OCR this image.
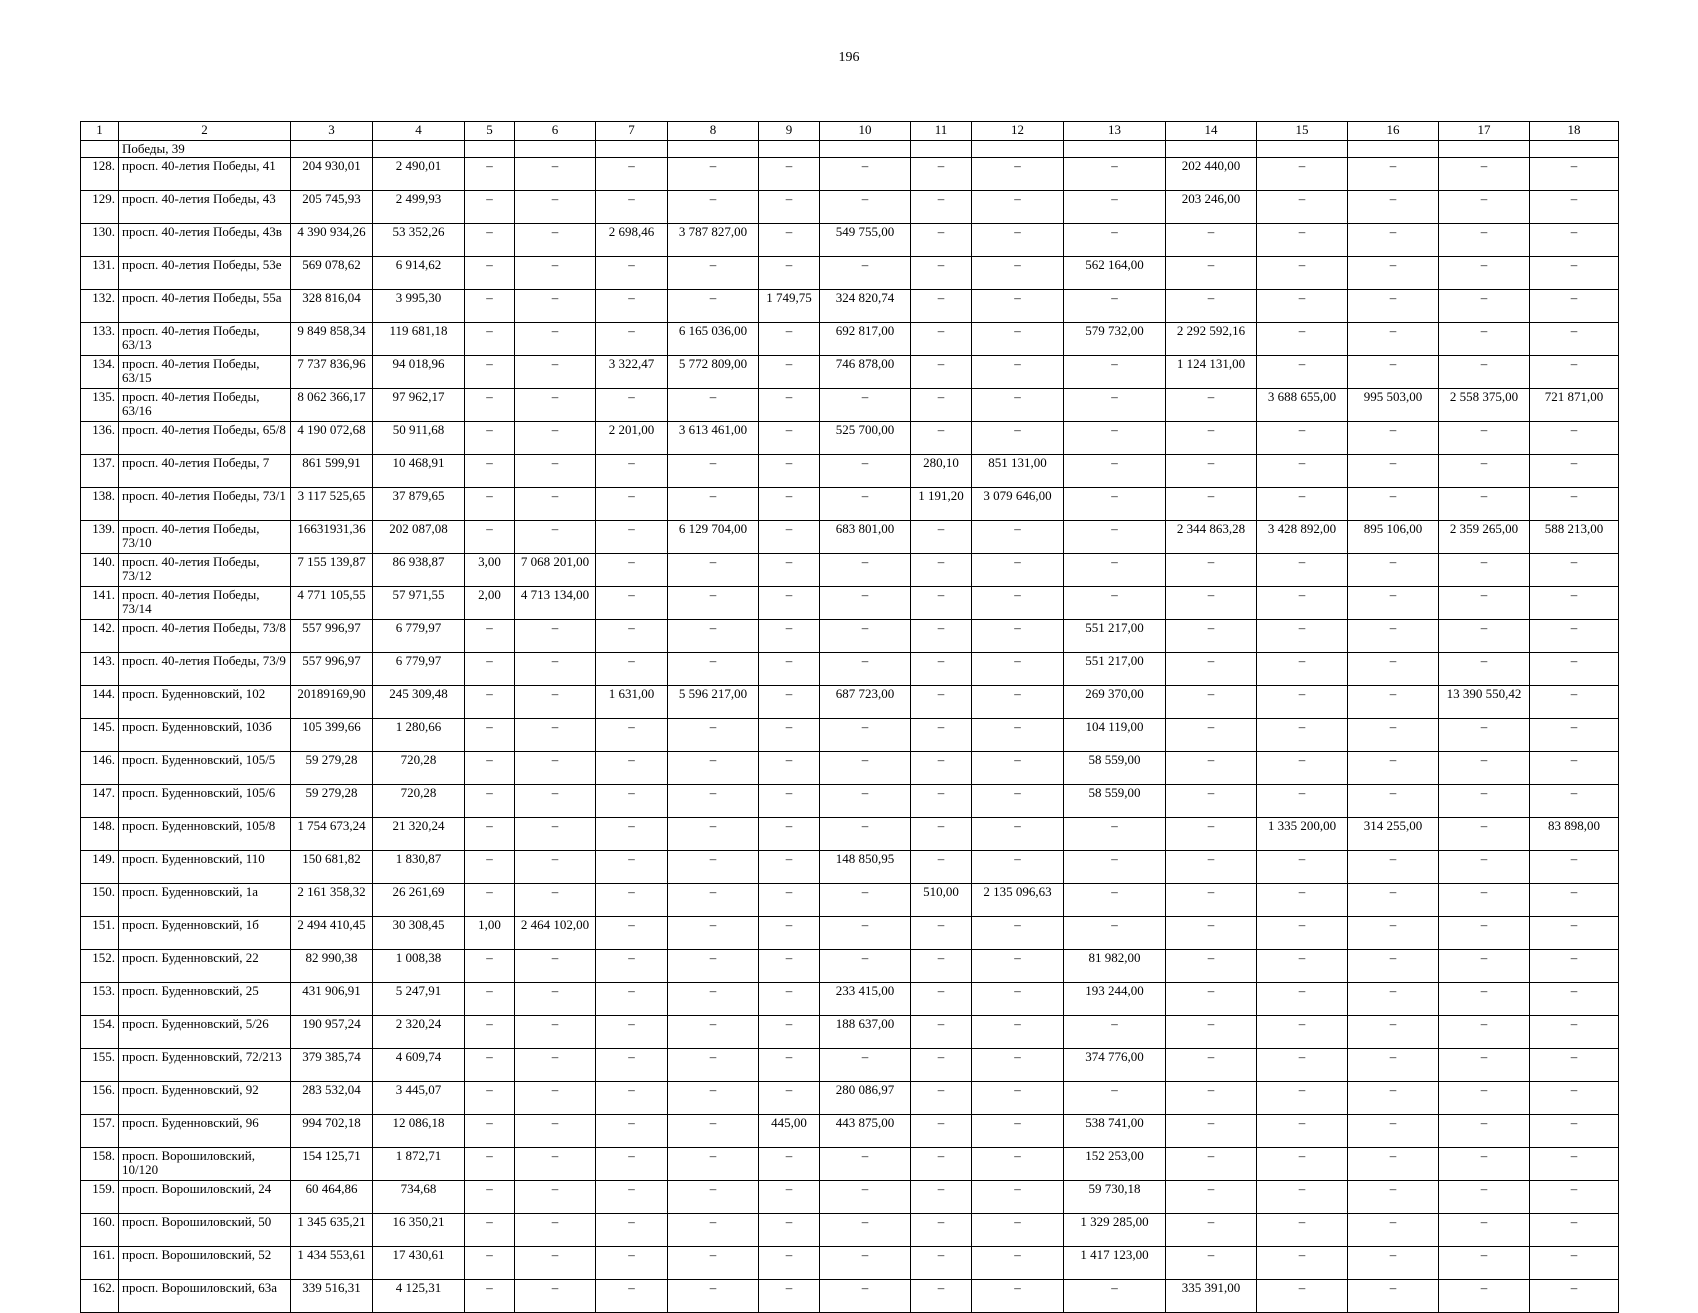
196
1	2	3	4	5	6	7	8	9	10	11	12	13	14	15	16	17	18
	Победы, 39																
128.	просп. 40-летия Победы, 41	204 930,01	2 490,01	–	–	–	–	–	–	–	–	–	202 440,00	–	–	–	–
129.	просп. 40-летия Победы, 43	205 745,93	2 499,93	–	–	–	–	–	–	–	–	–	203 246,00	–	–	–	–
130.	просп. 40-летия Победы, 43в	4 390 934,26	53 352,26	–	–	2 698,46	3 787 827,00	–	549 755,00	–	–	–	–	–	–	–	–
131.	просп. 40-летия Победы, 53е	569 078,62	6 914,62	–	–	–	–	–	–	–	–	562 164,00	–	–	–	–	–
132.	просп. 40-летия Победы, 55а	328 816,04	3 995,30	–	–	–	–	1 749,75	324 820,74	–	–	–	–	–	–	–	–
133.	просп. 40-летия Победы, 63/13	9 849 858,34	119 681,18	–	–	–	6 165 036,00	–	692 817,00	–	–	579 732,00	2 292 592,16	–	–	–	–
134.	просп. 40-летия Победы, 63/15	7 737 836,96	94 018,96	–	–	3 322,47	5 772 809,00	–	746 878,00	–	–	–	1 124 131,00	–	–	–	–
135.	просп. 40-летия Победы, 63/16	8 062 366,17	97 962,17	–	–	–	–	–	–	–	–	–	–	3 688 655,00	995 503,00	2 558 375,00	721 871,00
136.	просп. 40-летия Победы, 65/8	4 190 072,68	50 911,68	–	–	2 201,00	3 613 461,00	–	525 700,00	–	–	–	–	–	–	–	–
137.	просп. 40-летия Победы, 7	861 599,91	10 468,91	–	–	–	–	–	–	280,10	851 131,00	–	–	–	–	–	–
138.	просп. 40-летия Победы, 73/1	3 117 525,65	37 879,65	–	–	–	–	–	–	1 191,20	3 079 646,00	–	–	–	–	–	–
139.	просп. 40-летия Победы, 73/10	16631931,36	202 087,08	–	–	–	6 129 704,00	–	683 801,00	–	–	–	2 344 863,28	3 428 892,00	895 106,00	2 359 265,00	588 213,00
140.	просп. 40-летия Победы, 73/12	7 155 139,87	86 938,87	3,00	7 068 201,00	–	–	–	–	–	–	–	–	–	–	–	–
141.	просп. 40-летия Победы, 73/14	4 771 105,55	57 971,55	2,00	4 713 134,00	–	–	–	–	–	–	–	–	–	–	–	–
142.	просп. 40-летия Победы, 73/8	557 996,97	6 779,97	–	–	–	–	–	–	–	–	551 217,00	–	–	–	–	–
143.	просп. 40-летия Победы, 73/9	557 996,97	6 779,97	–	–	–	–	–	–	–	–	551 217,00	–	–	–	–	–
144.	просп. Буденновский, 102	20189169,90	245 309,48	–	–	1 631,00	5 596 217,00	–	687 723,00	–	–	269 370,00	–	–	–	13 390 550,42	–
145.	просп. Буденновский, 103б	105 399,66	1 280,66	–	–	–	–	–	–	–	–	104 119,00	–	–	–	–	–
146.	просп. Буденновский, 105/5	59 279,28	720,28	–	–	–	–	–	–	–	–	58 559,00	–	–	–	–	–
147.	просп. Буденновский, 105/6	59 279,28	720,28	–	–	–	–	–	–	–	–	58 559,00	–	–	–	–	–
148.	просп. Буденновский, 105/8	1 754 673,24	21 320,24	–	–	–	–	–	–	–	–	–	–	1 335 200,00	314 255,00	–	83 898,00
149.	просп. Буденновский, 110	150 681,82	1 830,87	–	–	–	–	–	148 850,95	–	–	–	–	–	–	–	–
150.	просп. Буденновский, 1а	2 161 358,32	26 261,69	–	–	–	–	–	–	510,00	2 135 096,63	–	–	–	–	–	–
151.	просп. Буденновский, 1б	2 494 410,45	30 308,45	1,00	2 464 102,00	–	–	–	–	–	–	–	–	–	–	–	–
152.	просп. Буденновский, 22	82 990,38	1 008,38	–	–	–	–	–	–	–	–	81 982,00	–	–	–	–	–
153.	просп. Буденновский, 25	431 906,91	5 247,91	–	–	–	–	–	233 415,00	–	–	193 244,00	–	–	–	–	–
154.	просп. Буденновский, 5/26	190 957,24	2 320,24	–	–	–	–	–	188 637,00	–	–	–	–	–	–	–	–
155.	просп. Буденновский, 72/213	379 385,74	4 609,74	–	–	–	–	–	–	–	–	374 776,00	–	–	–	–	–
156.	просп. Буденновский, 92	283 532,04	3 445,07	–	–	–	–	–	280 086,97	–	–	–	–	–	–	–	–
157.	просп. Буденновский, 96	994 702,18	12 086,18	–	–	–	–	445,00	443 875,00	–	–	538 741,00	–	–	–	–	–
158.	просп. Ворошиловский, 10/120	154 125,71	1 872,71	–	–	–	–	–	–	–	–	152 253,00	–	–	–	–	–
159.	просп. Ворошиловский, 24	60 464,86	734,68	–	–	–	–	–	–	–	–	59 730,18	–	–	–	–	–
160.	просп. Ворошиловский, 50	1 345 635,21	16 350,21	–	–	–	–	–	–	–	–	1 329 285,00	–	–	–	–	–
161.	просп. Ворошиловский, 52	1 434 553,61	17 430,61	–	–	–	–	–	–	–	–	1 417 123,00	–	–	–	–	–
162.	просп. Ворошиловский, 63а	339 516,31	4 125,31	–	–	–	–	–	–	–	–	–	335 391,00	–	–	–	–
